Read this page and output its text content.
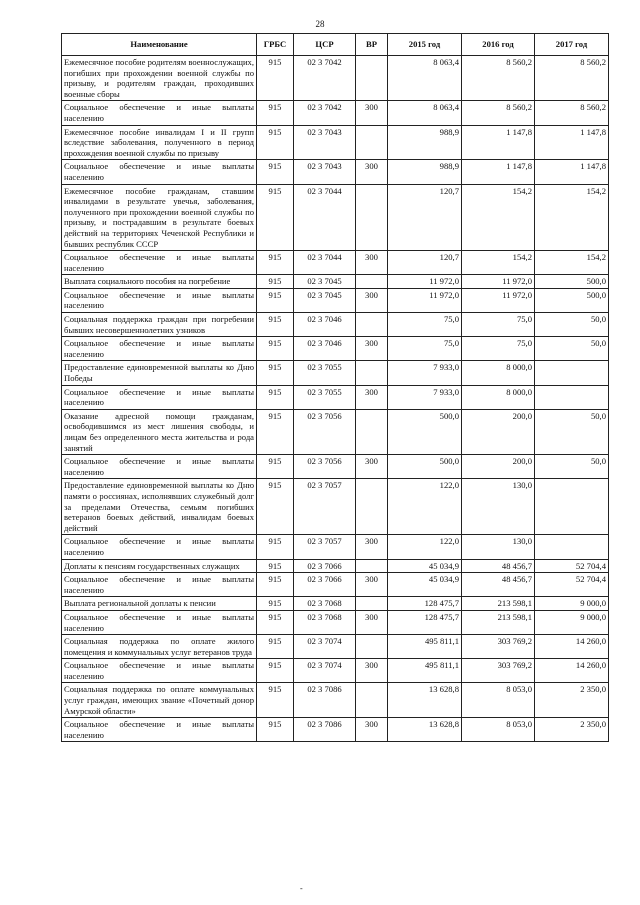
28
Наименование	ГРБС	ЦСР	ВР	2015 год	2016 год	2017 год
Ежемесячное пособие родителям военнослужащих, погибших при прохождении военной службы по призыву, и родителям граждан, проходивших военные сборы	915	02 3 7042		8 063,4	8 560,2	8 560,2
Социальное обеспечение и иные выплаты населению	915	02 3 7042	300	8 063,4	8 560,2	8 560,2
Ежемесячное пособие инвалидам I и II групп вследствие заболевания, полученного в период прохождения военной службы по призыву	915	02 3 7043		988,9	1 147,8	1 147,8
Социальное обеспечение и иные выплаты населению	915	02 3 7043	300	988,9	1 147,8	1 147,8
Ежемесячное пособие гражданам, ставшим инвалидами в результате увечья, заболевания, полученного при прохождении военной службы по призыву, и пострадавшим в результате боевых действий на территориях Чеченской Республики и бывших республик СССР	915	02 3 7044		120,7	154,2	154,2
Социальное обеспечение и иные выплаты населению	915	02 3 7044	300	120,7	154,2	154,2
Выплата социального пособия на погребение	915	02 3 7045		11 972,0	11 972,0	500,0
Социальное обеспечение и иные выплаты населению	915	02 3 7045	300	11 972,0	11 972,0	500,0
Социальная поддержка граждан при погребении бывших несовершеннолетних узников	915	02 3 7046		75,0	75,0	50,0
Социальное обеспечение и иные выплаты населению	915	02 3 7046	300	75,0	75,0	50,0
Предоставление единовременной выплаты ко Дню Победы	915	02 3 7055		7 933,0	8 000,0	
Социальное обеспечение и иные выплаты населению	915	02 3 7055	300	7 933,0	8 000,0	
Оказание адресной помощи гражданам, освободившимся из мест лишения свободы, и лицам без определенного места жительства и рода занятий	915	02 3 7056		500,0	200,0	50,0
Социальное обеспечение и иные выплаты населению	915	02 3 7056	300	500,0	200,0	50,0
Предоставление единовременной выплаты ко Дню памяти о россиянах, исполнявших служебный долг за пределами Отечества, семьям погибших ветеранов боевых действий, инвалидам боевых действий	915	02 3 7057		122,0	130,0	
Социальное обеспечение и иные выплаты населению	915	02 3 7057	300	122,0	130,0	
Доплаты к пенсиям государственных служащих	915	02 3 7066		45 034,9	48 456,7	52 704,4
Социальное обеспечение и иные выплаты населению	915	02 3 7066	300	45 034,9	48 456,7	52 704,4
Выплата региональной доплаты к пенсии	915	02 3 7068		128 475,7	213 598,1	9 000,0
Социальное обеспечение и иные выплаты населению	915	02 3 7068	300	128 475,7	213 598,1	9 000,0
Социальная поддержка по оплате жилого помещения и коммунальных услуг ветеранов труда	915	02 3 7074		495 811,1	303 769,2	14 260,0
Социальное обеспечение и иные выплаты населению	915	02 3 7074	300	495 811,1	303 769,2	14 260,0
Социальная поддержка по оплате коммунальных услуг граждан, имеющих звание «Почетный донор Амурской области»	915	02 3 7086		13 628,8	8 053,0	2 350,0
Социальное обеспечение и иные выплаты населению	915	02 3 7086	300	13 628,8	8 053,0	2 350,0
-
